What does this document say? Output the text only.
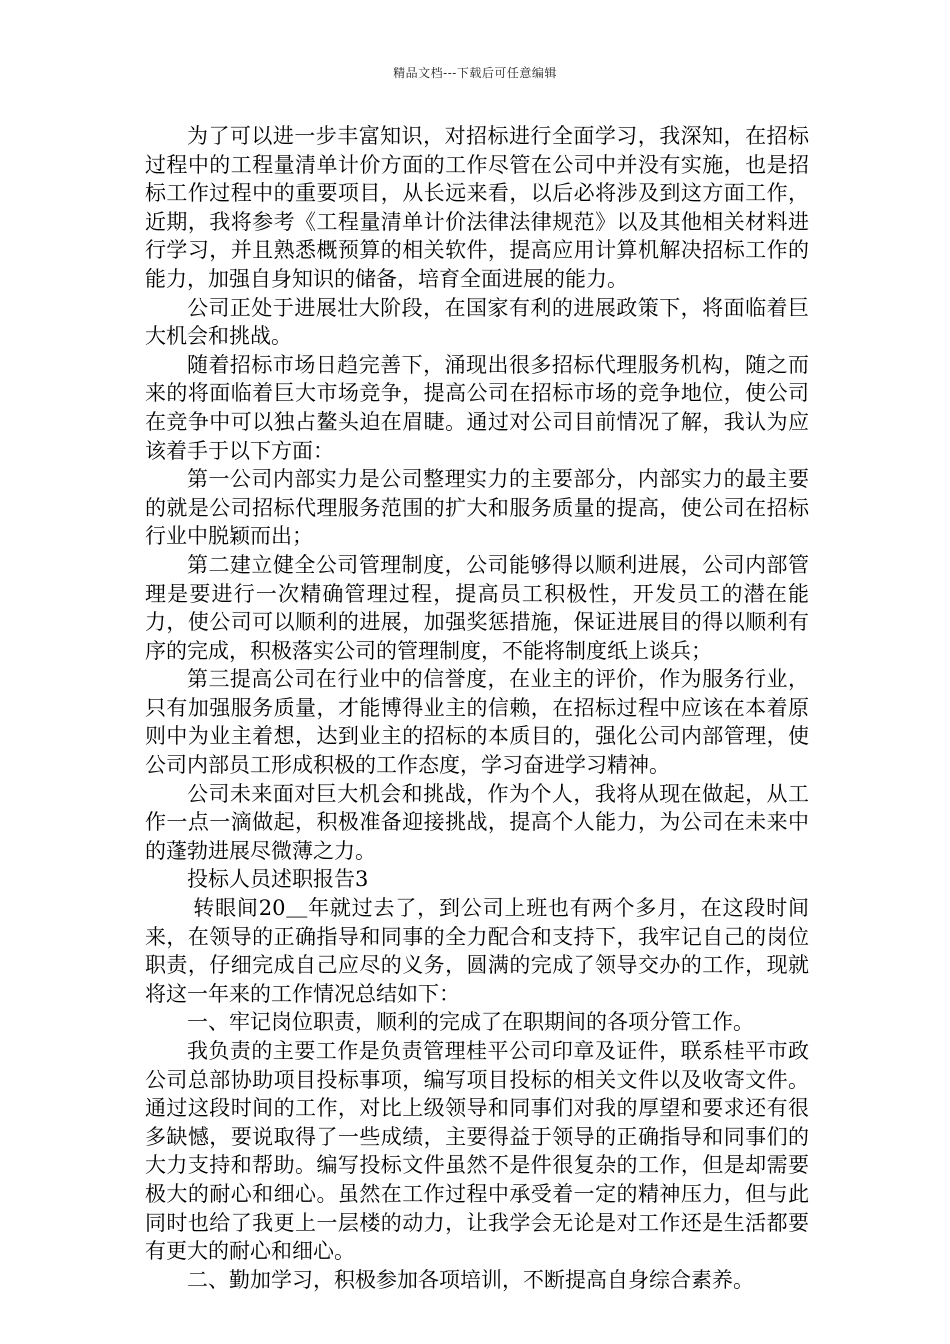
精品文档---下载后可任意编辑

为了可以进一步丰富知识，对招标进行全面学习，我深知，在招标过程中的工程量清单计价方面的工作尽管在公司中并没有实施，也是招标工作过程中的重要项目，从长远来看，以后必将涉及到这方面工作，近期，我将参考《工程量清单计价法律法律规范》以及其他相关材料进行学习，并且熟悉概预算的相关软件，提高应用计算机解决招标工作的能力，加强自身知识的储备，培育全面进展的能力。

公司正处于进展壮大阶段，在国家有利的进展政策下，将面临着巨大机会和挑战。

随着招标市场日趋完善下，涌现出很多招标代理服务机构，随之而来的将面临着巨大市场竞争，提高公司在招标市场的竞争地位，使公司在竞争中可以独占鳌头迫在眉睫。通过对公司目前情况了解，我认为应该着手于以下方面：

第一公司内部实力是公司整理实力的主要部分，内部实力的最主要的就是公司招标代理服务范围的扩大和服务质量的提高，使公司在招标行业中脱颖而出；

第二建立健全公司管理制度，公司能够得以顺利进展，公司内部管理是要进行一次精确管理过程，提高员工积极性，开发员工的潜在能力，使公司可以顺利的进展，加强奖惩措施，保证进展目的得以顺利有序的完成，积极落实公司的管理制度，不能将制度纸上谈兵；

第三提高公司在行业中的信誉度，在业主的评价，作为服务行业，只有加强服务质量，才能博得业主的信赖，在招标过程中应该在本着原则中为业主着想，达到业主的招标的本质目的，强化公司内部管理，使公司内部员工形成积极的工作态度，学习奋进学习精神。

公司未来面对巨大机会和挑战，作为个人，我将从现在做起，从工作一点一滴做起，积极准备迎接挑战，提高个人能力，为公司在未来中的蓬勃进展尽微薄之力。

投标人员述职报告3

转眼间20＿年就过去了，到公司上班也有两个多月，在这段时间来，在领导的正确指导和同事的全力配合和支持下，我牢记自己的岗位职责，仔细完成自己应尽的义务，圆满的完成了领导交办的工作，现就将这一年来的工作情况总结如下：

一、牢记岗位职责，顺利的完成了在职期间的各项分管工作。

我负责的主要工作是负责管理桂平公司印章及证件，联系桂平市政公司总部协助项目投标事项，编写项目投标的相关文件以及收寄文件。通过这段时间的工作，对比上级领导和同事们对我的厚望和要求还有很多缺憾，要说取得了一些成绩，主要得益于领导的正确指导和同事们的大力支持和帮助。编写投标文件虽然不是件很复杂的工作，但是却需要极大的耐心和细心。虽然在工作过程中承受着一定的精神压力，但与此同时也给了我更上一层楼的动力，让我学会无论是对工作还是生活都要有更大的耐心和细心。

二、勤加学习，积极参加各项培训，不断提高自身综合素养。
